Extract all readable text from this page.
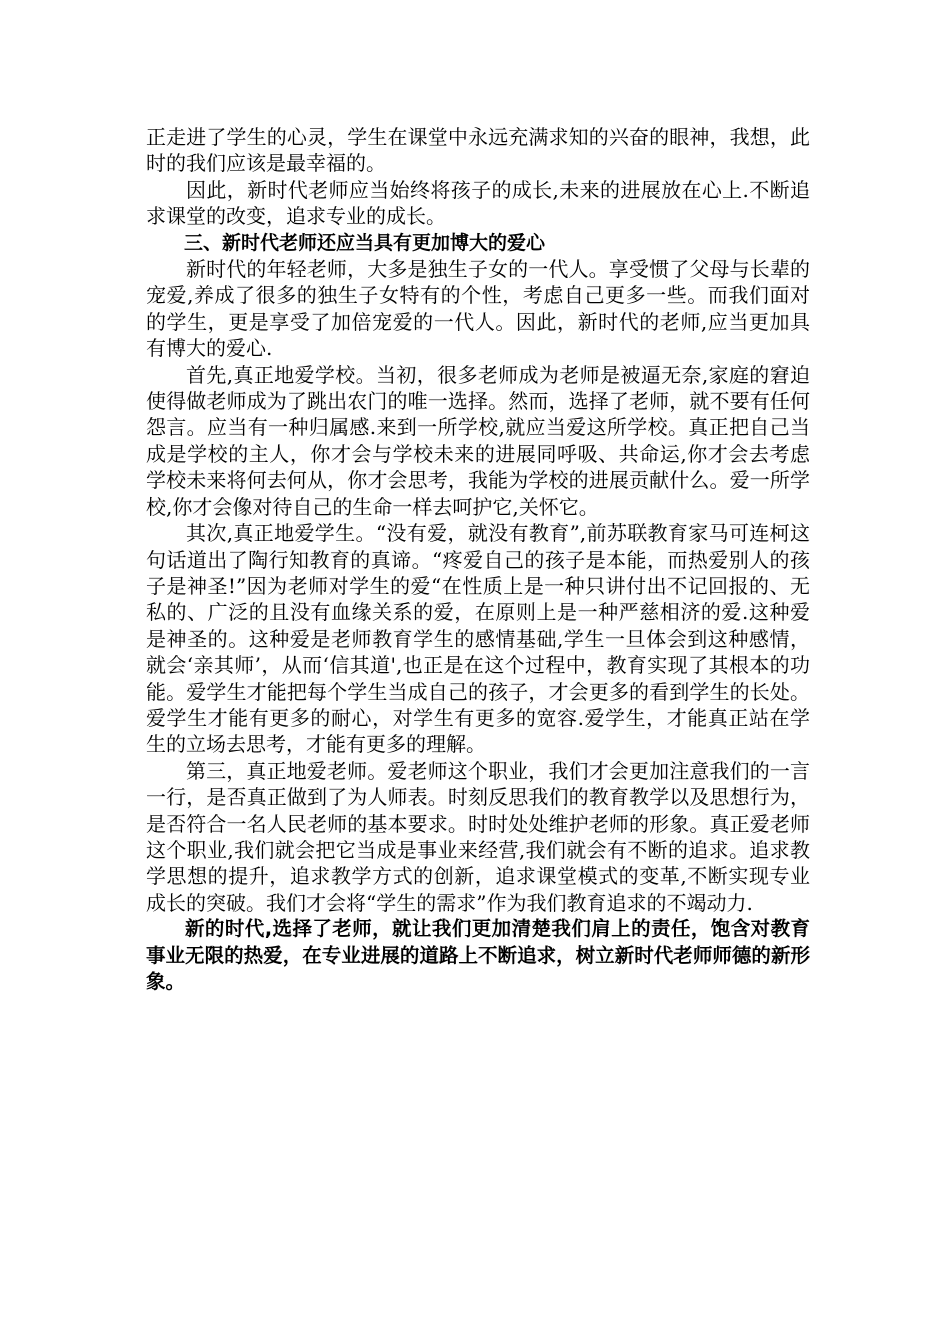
正走进了学生的心灵，学生在课堂中永远充满求知的兴奋的眼神，我想，此时的我们应该是最幸福的。

因此，新时代老师应当始终将孩子的成长,未来的进展放在心上.不断追求课堂的改变，追求专业的成长。

三、新时代老师还应当具有更加博大的爱心

新时代的年轻老师，大多是独生子女的一代人。享受惯了父母与长辈的宠爱,养成了很多的独生子女特有的个性，考虑自己更多一些。而我们面对的学生，更是享受了加倍宠爱的一代人。因此，新时代的老师,应当更加具有博大的爱心.

首先,真正地爱学校。当初，很多老师成为老师是被逼无奈,家庭的窘迫使得做老师成为了跳出农门的唯一选择。然而，选择了老师，就不要有任何怨言。应当有一种归属感.来到一所学校,就应当爱这所学校。真正把自己当成是学校的主人，你才会与学校未来的进展同呼吸、共命运,你才会去考虑学校未来将何去何从，你才会思考，我能为学校的进展贡献什么。爱一所学校,你才会像对待自己的生命一样去呵护它,关怀它。

其次,真正地爱学生。“没有爱，就没有教育”,前苏联教育家马可连柯这句话道出了陶行知教育的真谛。“疼爱自己的孩子是本能，而热爱别人的孩子是神圣!”因为老师对学生的爱“在性质上是一种只讲付出不记回报的、无私的、广泛的且没有血缘关系的爱，在原则上是一种严慈相济的爱.这种爱是神圣的。这种爱是老师教育学生的感情基础,学生一旦体会到这种感情，就会‘亲其师’，从而‘信其道',也正是在这个过程中，教育实现了其根本的功能。爱学生才能把每个学生当成自己的孩子，才会更多的看到学生的长处。爱学生才能有更多的耐心，对学生有更多的宽容.爱学生，才能真正站在学生的立场去思考，才能有更多的理解。

第三，真正地爱老师。爱老师这个职业，我们才会更加注意我们的一言一行，是否真正做到了为人师表。时刻反思我们的教育教学以及思想行为，是否符合一名人民老师的基本要求。时时处处维护老师的形象。真正爱老师这个职业,我们就会把它当成是事业来经营,我们就会有不断的追求。追求教学思想的提升，追求教学方式的创新，追求课堂模式的变革,不断实现专业成长的突破。我们才会将“学生的需求”作为我们教育追求的不竭动力.

新的时代,选择了老师，就让我们更加清楚我们肩上的责任，饱含对教育事业无限的热爱，在专业进展的道路上不断追求，树立新时代老师师德的新形象。
